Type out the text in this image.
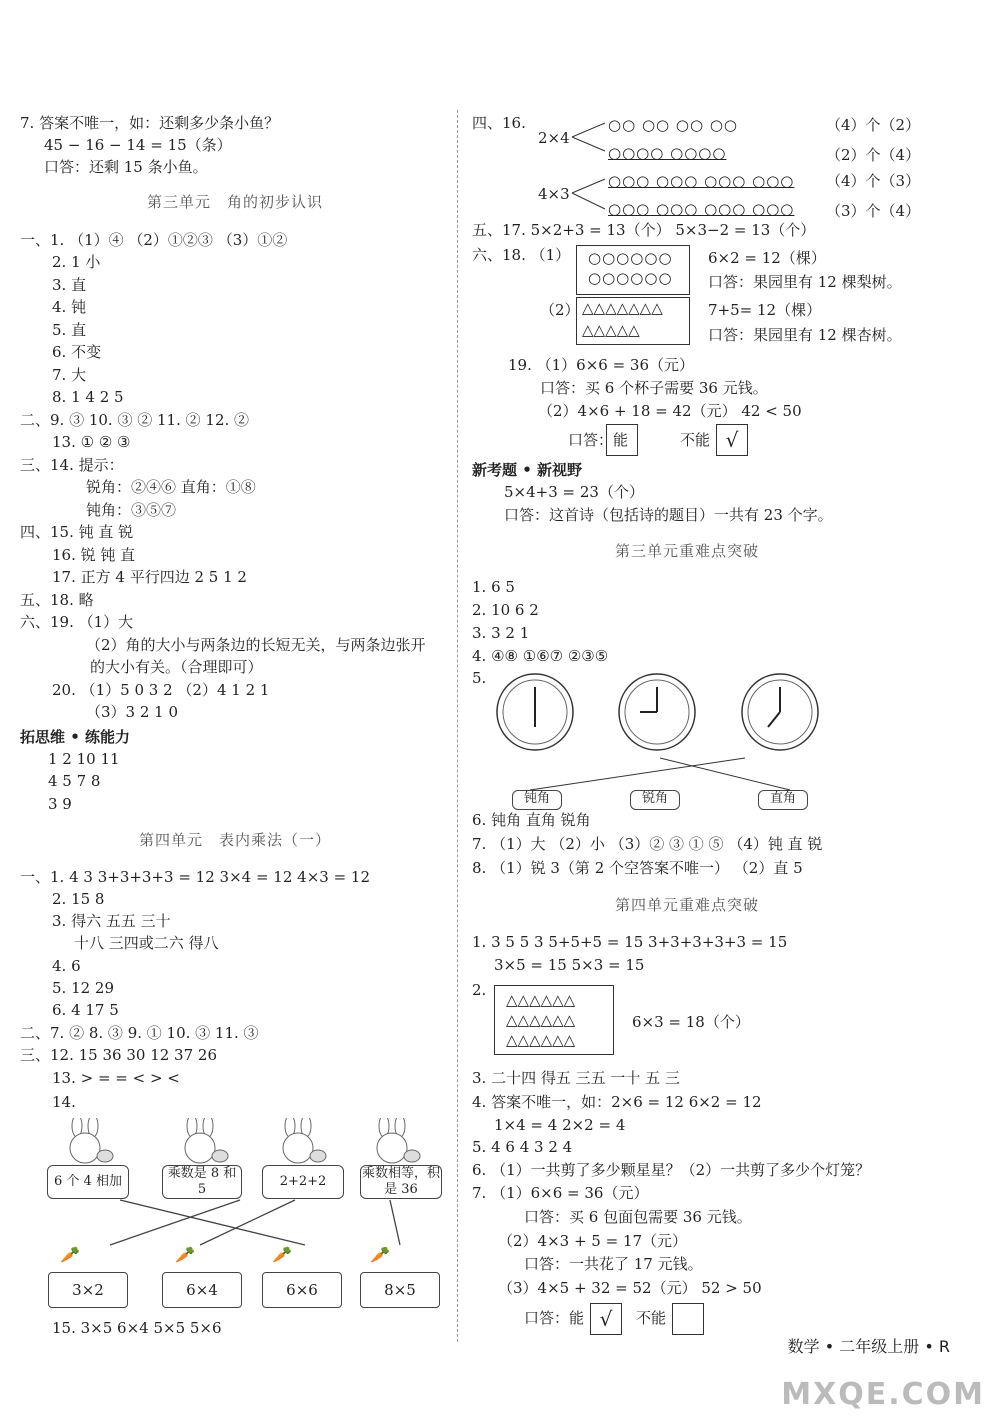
7. 答案不唯一，如：还剩多少条小鱼？
45 − 16 − 14 = 15（条）
口答：还剩 15 条小鱼。
第三单元　角的初步认识
一、1. （1）④ （2）①②③ （3）①②
2. 1 小
3. 直
4. 钝
5. 直
6. 不变
7. 大
8. 1 4 2 5
二、9. ③ 10. ③ ② 11. ② 12. ②
13. ① ② ③
三、14. 提示：
锐角：②④⑥ 直角：①⑧
钝角：③⑤⑦
四、15. 钝 直 锐
16. 锐 钝 直
17. 正方 4 平行四边 2 5 1 2
五、18. 略
六、19. （1）大
（2）角的大小与两条边的长短无关，与两条边张开
的大小有关。（合理即可）
20. （1）5 0 3 2 （2）4 1 2 1
（3）3 2 1 0
拓思维 • 练能力
1 2 10 11
4 5 7 8
3 9
第四单元　表内乘法（一）
一、1. 4 3 3+3+3+3 = 12 3×4 = 12 4×3 = 12
2. 15 8
3. 得六 五五 三十
十八 三四或二六 得八
4. 6
5. 12 29
6. 4 17 5
二、7. ② 8. ③ 9. ① 10. ③ 11. ③
三、12. 15 36 30 12 37 26
13. > = = < > <
14.
6 个 4 相加
乘数是 8 和 5
2+2+2
乘数相等，积是 36
🥕	🥕	🥕	🥕
3×2	6×4	6×6	8×5
15. 3×5 6×4 5×5 5×6
四、16.
2×4
4×3
○○ ○○ ○○ ○○
○○○○ ○○○○
○○○ ○○○ ○○○ ○○○
○○○ ○○○ ○○○ ○○○
（4）个（2）
（2）个（4）
（4）个（3）
（3）个（4）
五、17. 5×2+3 = 13（个） 5×3−2 = 13（个）
六、18. （1） ○○○○○○
○○○○○○
6×2 = 12（棵）
口答：果园里有 12 棵梨树。
（2） △△△△△△△
△△△△△
7+5= 12（棵）
口答：果园里有 12 棵杏树。
19. （1）6×6 = 36（元）
口答：买 6 个杯子需要 36 元钱。
（2）4×6 + 18 = 42（元） 42 < 50
口答：能	不能 √
新考题 • 新视野
5×4+3 = 23（个）
口答：这首诗（包括诗的题目）一共有 23 个字。
第三单元重难点突破
1. 6 5
2. 10 6 2
3. 3 2 1
4. ④⑧ ①⑥⑦ ②③⑤
5.
钝角	锐角	直角
6. 钝角 直角 锐角
7. （1）大 （2）小 （3）② ③ ① ⑤ （4）钝 直 锐
8. （1）锐 3（第 2 个空答案不唯一） （2）直 5
第四单元重难点突破
1. 3 5 5 3 5+5+5 = 15 3+3+3+3+3 = 15
3×5 = 15 5×3 = 15
2.
△△△△△△
△△△△△△
△△△△△△
6×3 = 18（个）
3. 二十四 得五 三五 一十 五 三
4. 答案不唯一，如：2×6 = 12 6×2 = 12
1×4 = 4 2×2 = 4
5. 4 6 4 3 2 4
6. （1）一共剪了多少颗星星？（2）一共剪了多少个灯笼？
7. （1）6×6 = 36（元）
口答：买 6 包面包需要 36 元钱。
（2）4×3 + 5 = 17（元）
口答：一共花了 17 元钱。
（3）4×5 + 32 = 52（元） 52 > 50
口答：能 √	不能
数学 • 二年级上册 • R
MXQE.COM
